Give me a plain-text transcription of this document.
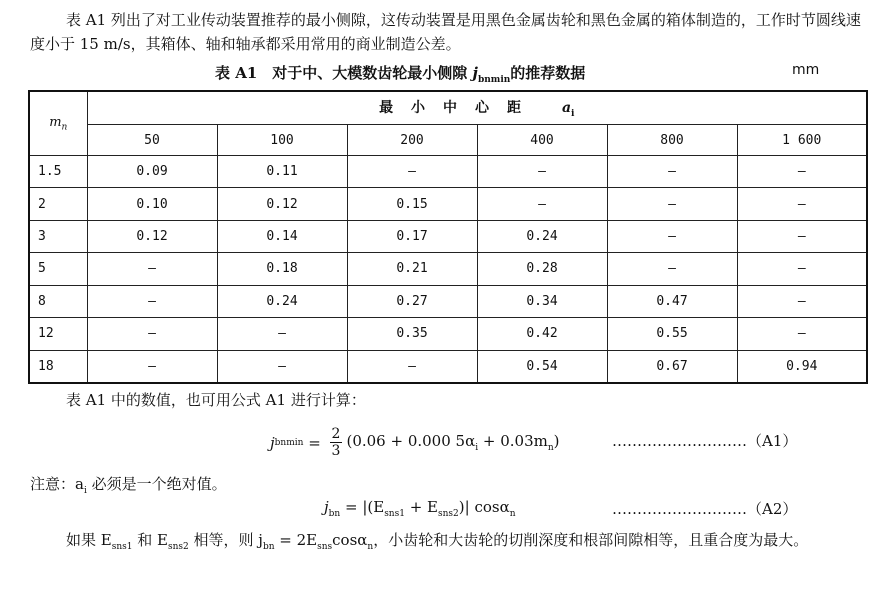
表 A1 列出了对工业传动装置推荐的最小侧隙，这传动装置是用黑色金属齿轮和黑色金属的箱体制造的，工作时节圆线速度小于 15 m/s，其箱体、轴和轴承都采用常用的商业制造公差。
表 A1　对于中、大模数齿轮最小侧隙 $j_{bnmin}$的推荐数据	mm
$m_n$	最小中心距 $a_i$
	50	100	200	400	800	1 600
1.5	0.09	0.11	—	—	—	—
2	0.10	0.12	0.15	—	—	—
3	0.12	0.14	0.17	0.24	—	—
5	—	0.18	0.21	0.28	—	—
8	—	0.24	0.27	0.34	0.47	—
12	—	—	0.35	0.42	0.55	—
18	—	—	—	0.54	0.67	0.94
表 A1 中的数值，也可用公式 A1 进行计算：
j $bnmin = \frac{2}{3} (0.06 + 0.000$ $5\alpha_i + 0.03m_n$)	………………………（A1）
注意：$a_i$ 必须是一个绝对值。
$j_{bn} = |(E_{sns1} + E_{sns2})|$ cosα$_n$	………………………（A2）
如果 $E_{sns1}$ 和 $E_{sns2}$ 相等，则 $j_{bn} = 2E_{sns}\cos\alpha_n$，小齿轮和大齿轮的切削深度和根部间隙相等，且重合度为最大。
